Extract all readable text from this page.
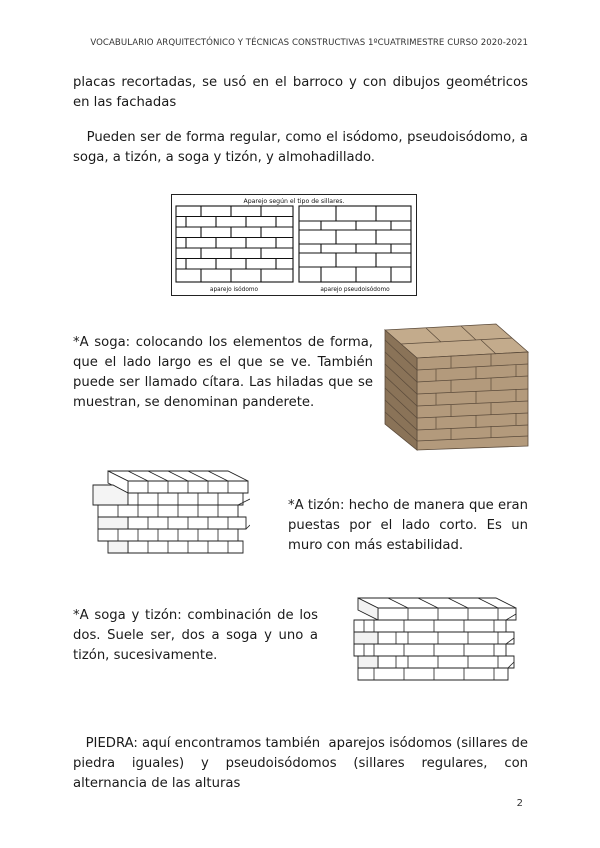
VOCABULARIO ARQUITECTÓNICO Y TÉCNICAS CONSTRUCTIVAS 1ºCUATRIMESTRE CURSO 2020-2021

placas recortadas, se usó en el barroco y con dibujos geométricos en las fachadas

Pueden ser de forma regular, como el isódomo, pseudoisódomo, a soga, a tizón, a soga y tizón, y almohadillado.

Aparejo según el tipo de sillares.
aparejo isódomo	aparejo pseudoisódomo

*A soga: colocando los elementos de forma, que el lado largo es el que se ve. También puede ser llamado cítara. Las hiladas que se muestran, se denominan panderete.

*A tizón: hecho de manera que eran puestas por el lado corto. Es un muro con más estabilidad.

*A soga y tizón: combinación de los dos. Suele ser, dos a soga y uno a tizón, sucesivamente.

PIEDRA: aquí encontramos también  aparejos isódomos (sillares de piedra iguales) y pseudoisódomos (sillares regulares, con alternancia de las alturas

2
